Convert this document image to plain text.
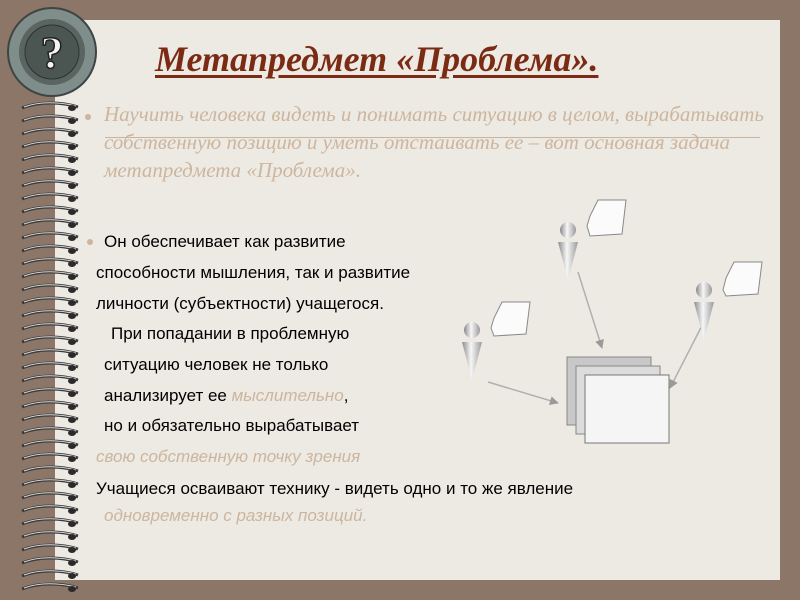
?	Метапредмет «Проблема».
Научить человека видеть и понимать ситуацию в целом, вырабатывать собственную позицию и уметь отстаивать ее – вот основная задача метапредмета «Проблема».
Он обеспечивает как развитие
способности мышления, так и развитие
личности (субъектности) учащегося.
При попадании в проблемную
ситуацию человек не только
анализирует ее мыслительно,
но и обязательно вырабатывает
свою собственную точку зрения
Учащиеся осваивают технику - видеть одно и то же явление
одновременно с разных позиций.
